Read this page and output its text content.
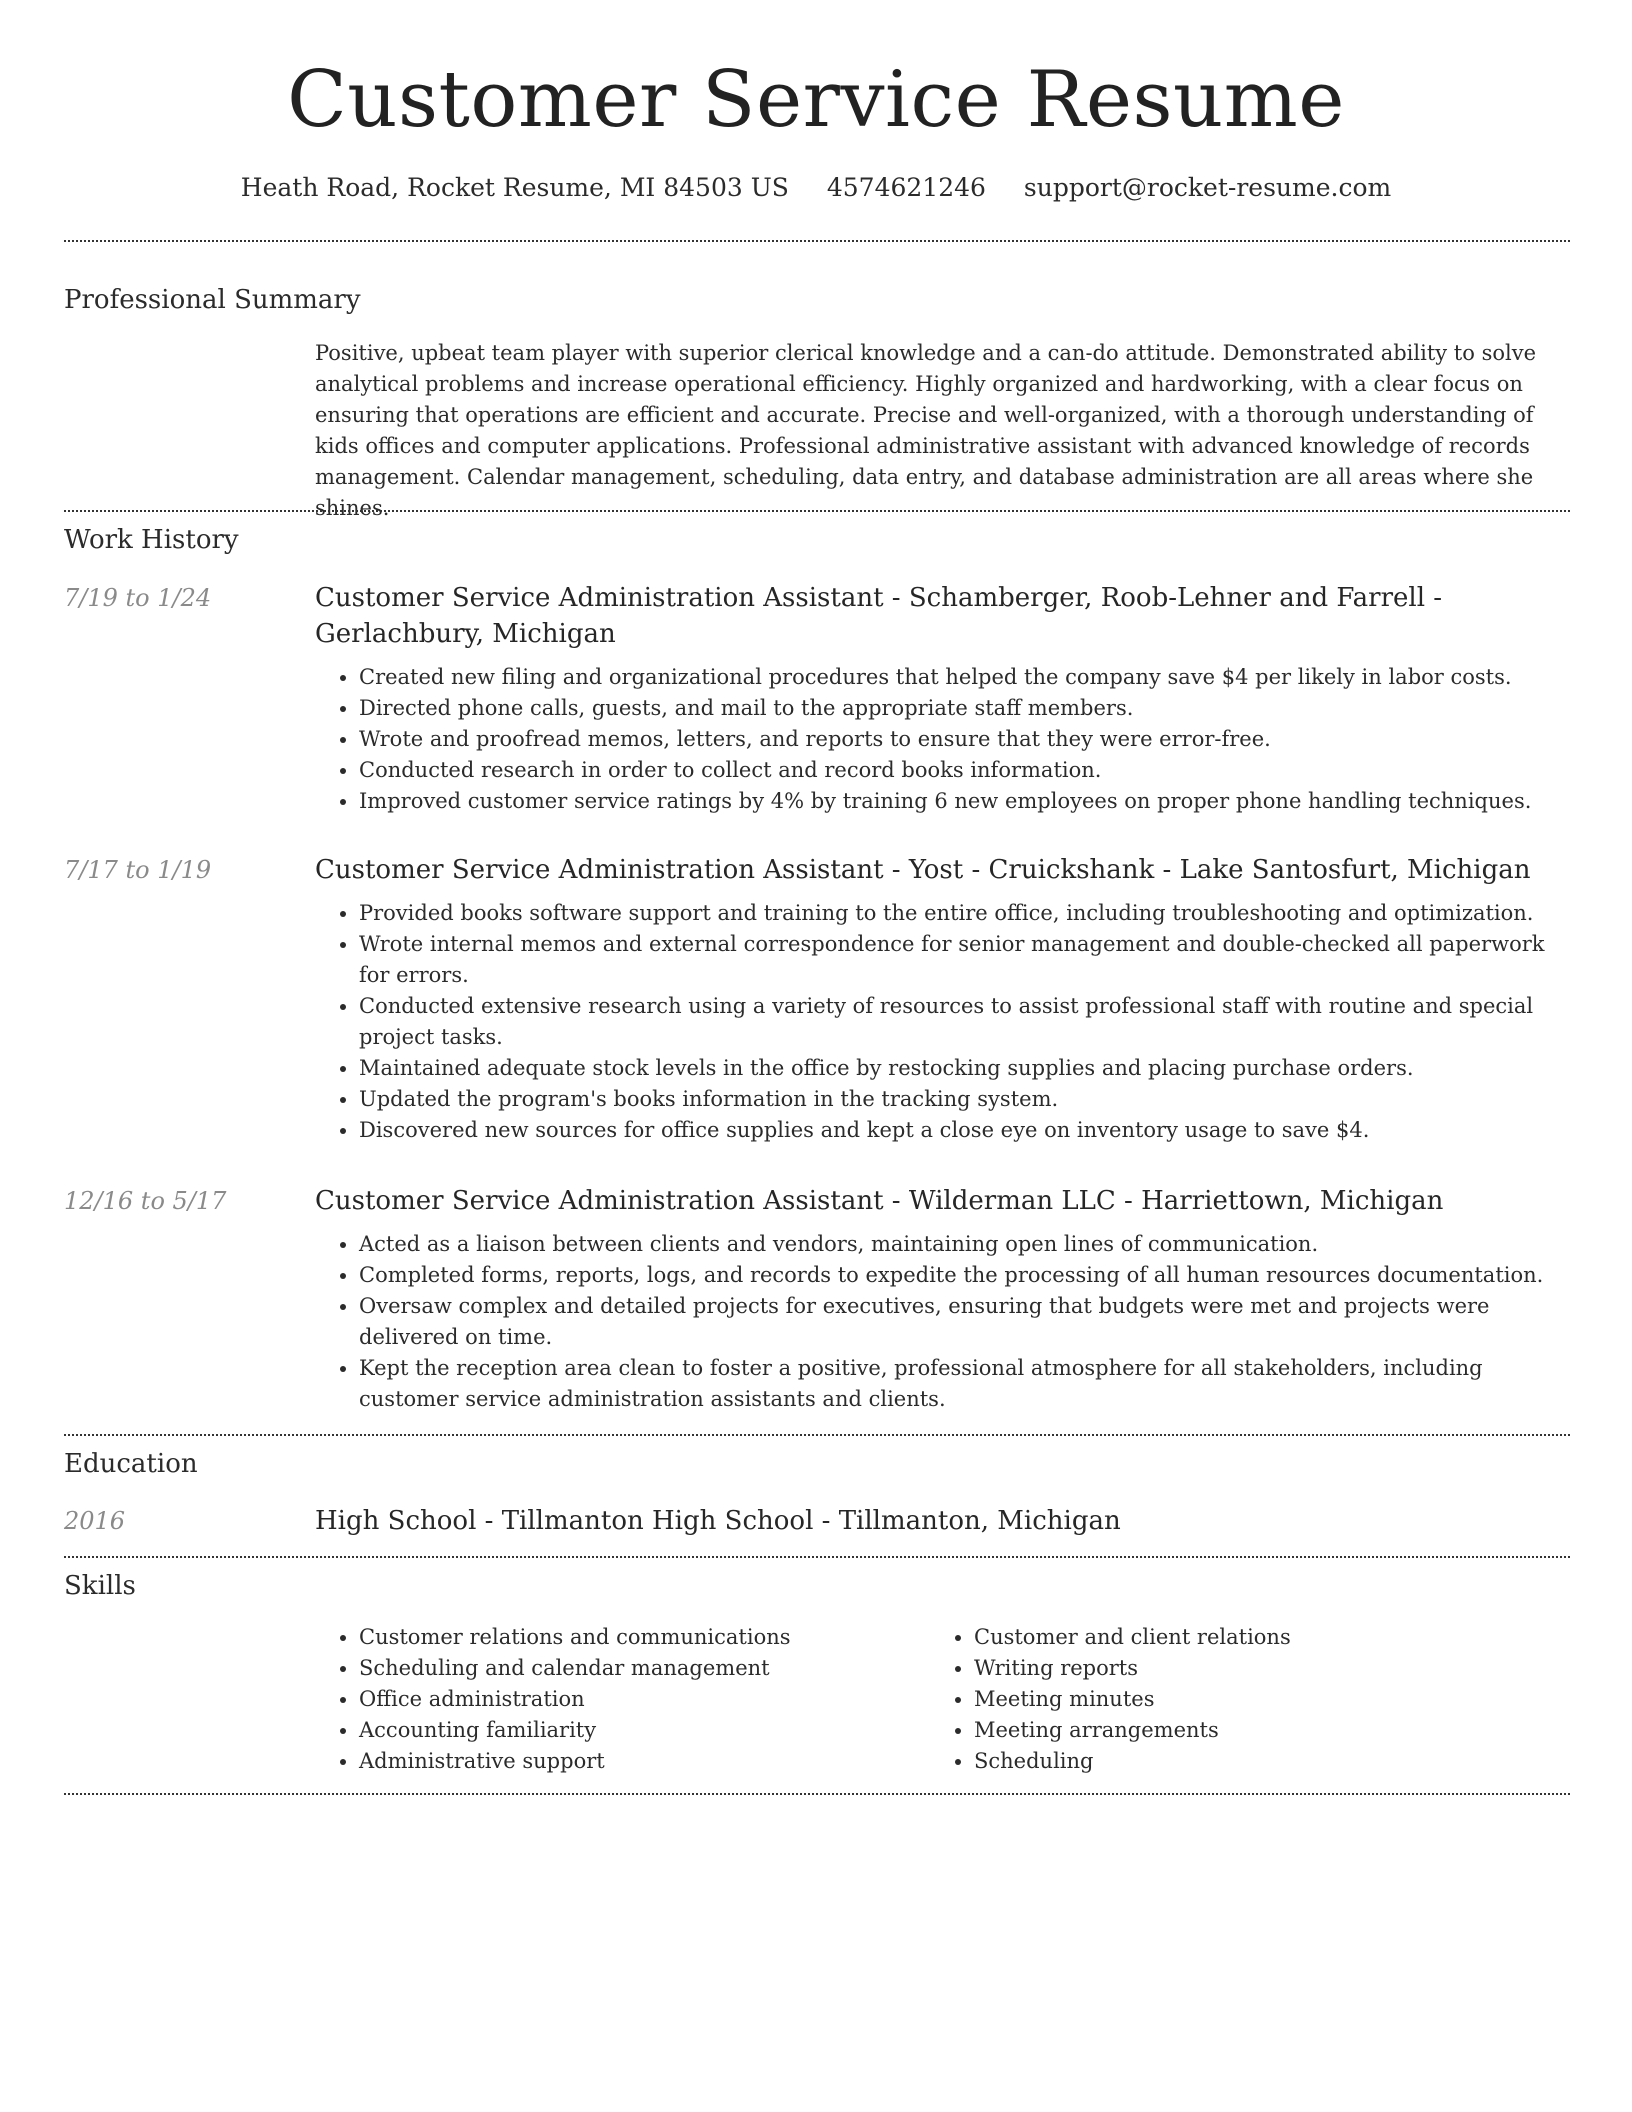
Customer Service Resume
Heath Road, Rocket Resume, MI 84503 US 4574621246 support@rocket-resume.com
Professional Summary

Positive, upbeat team player with superior clerical knowledge and a can-do attitude. Demonstrated ability to solve analytical problems and increase operational efficiency. Highly organized and hardworking, with a clear focus on ensuring that operations are efficient and accurate. Precise and well-organized, with a thorough understanding of kids offices and computer applications. Professional administrative assistant with advanced knowledge of records management. Calendar management, scheduling, data entry, and database administration are all areas where she shines.

Work History
7/19 to 1/24	Customer Service Administration Assistant - Schamberger, Roob-Lehner and Farrell - Gerlachbury, Michigan
• Created new filing and organizational procedures that helped the company save $4 per likely in labor costs.
• Directed phone calls, guests, and mail to the appropriate staff members.
• Wrote and proofread memos, letters, and reports to ensure that they were error-free.
• Conducted research in order to collect and record books information.
• Improved customer service ratings by 4% by training 6 new employees on proper phone handling techniques.
7/17 to 1/19	Customer Service Administration Assistant - Yost - Cruickshank - Lake Santosfurt, Michigan
• Provided books software support and training to the entire office, including troubleshooting and optimization.
• Wrote internal memos and external correspondence for senior management and double-checked all paperwork for errors.
• Conducted extensive research using a variety of resources to assist professional staff with routine and special project tasks.
• Maintained adequate stock levels in the office by restocking supplies and placing purchase orders.
• Updated the program's books information in the tracking system.
• Discovered new sources for office supplies and kept a close eye on inventory usage to save $4.
12/16 to 5/17	Customer Service Administration Assistant - Wilderman LLC - Harriettown, Michigan
• Acted as a liaison between clients and vendors, maintaining open lines of communication.
• Completed forms, reports, logs, and records to expedite the processing of all human resources documentation.
• Oversaw complex and detailed projects for executives, ensuring that budgets were met and projects were delivered on time.
• Kept the reception area clean to foster a positive, professional atmosphere for all stakeholders, including customer service administration assistants and clients.
Education
2016	High School - Tillmanton High School - Tillmanton, Michigan
Skills
• Customer relations and communications
• Scheduling and calendar management
• Office administration
• Accounting familiarity
• Administrative support
• Customer and client relations
• Writing reports
• Meeting minutes
• Meeting arrangements
• Scheduling
